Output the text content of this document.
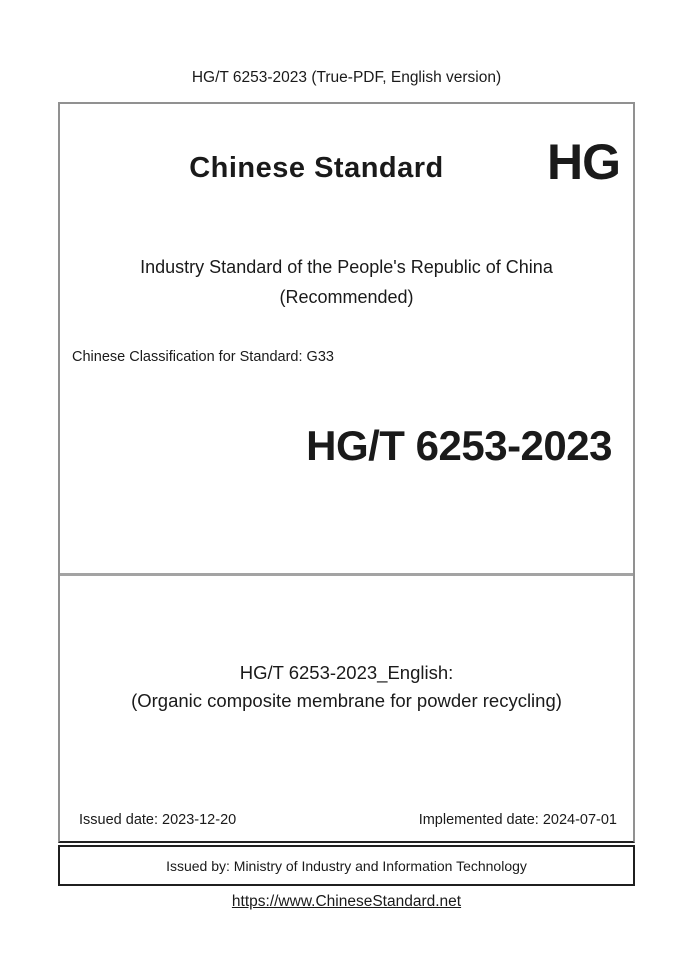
HG/T 6253-2023 (True-PDF, English version)
Chinese Standard	HG
Industry Standard of the People's Republic of China
(Recommended)
Chinese Classification for Standard: G33
HG/T 6253-2023
HG/T 6253-2023_English:
(Organic composite membrane for powder recycling)
Issued date: 2023-12-20	Implemented date: 2024-07-01
Issued by: Ministry of Industry and Information Technology
https://www.ChineseStandard.net
